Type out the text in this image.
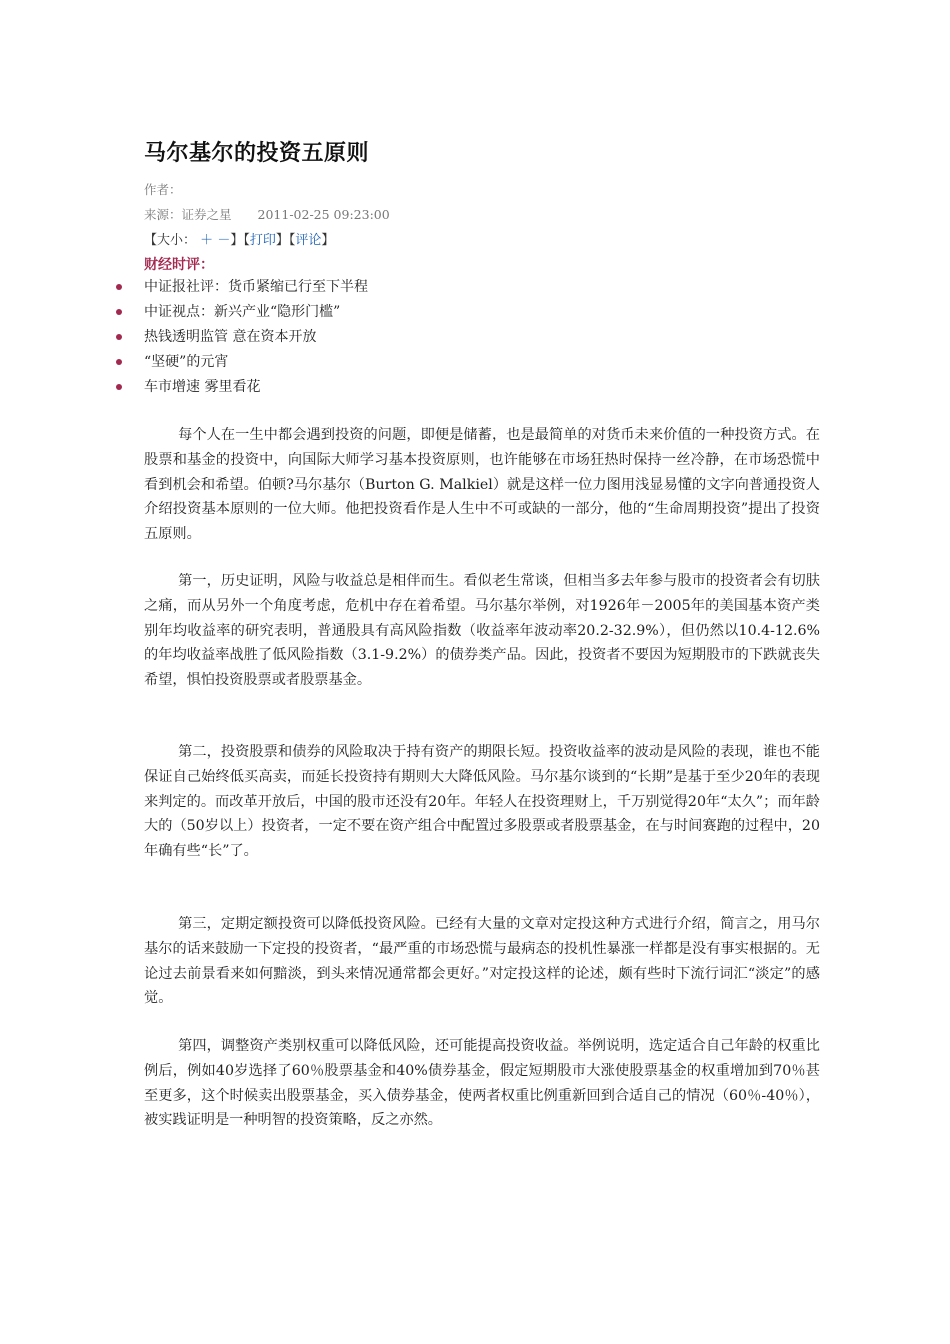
马尔基尔的投资五原则
作者：
来源：证券之星 2011-02-25 09:23:00
【大小： ＋ －】【打印】【评论】
财经时评：
中证报社评：货币紧缩已行至下半程
中证视点：新兴产业“隐形门槛”
热钱透明监管 意在资本开放
“坚硬”的元宵
车市增速 雾里看花

每个人在一生中都会遇到投资的问题，即便是储蓄，也是最简单的对货币未来价值的一种投资方式。在股票和基金的投资中，向国际大师学习基本投资原则，也许能够在市场狂热时保持一丝冷静，在市场恐慌中看到机会和希望。伯顿?马尔基尔（Burton G. Malkiel）就是这样一位力图用浅显易懂的文字向普通投资人介绍投资基本原则的一位大师。他把投资看作是人生中不可或缺的一部分，他的“生命周期投资”提出了投资五原则。

第一，历史证明，风险与收益总是相伴而生。看似老生常谈，但相当多去年参与股市的投资者会有切肤之痛，而从另外一个角度考虑，危机中存在着希望。马尔基尔举例，对1926年－2005年的美国基本资产类别年均收益率的研究表明，普通股具有高风险指数（收益率年波动率20.2-32.9%），但仍然以10.4-12.6%的年均收益率战胜了低风险指数（3.1-9.2%）的债券类产品。因此，投资者不要因为短期股市的下跌就丧失希望，惧怕投资股票或者股票基金。

第二，投资股票和债券的风险取决于持有资产的期限长短。投资收益率的波动是风险的表现，谁也不能保证自己始终低买高卖，而延长投资持有期则大大降低风险。马尔基尔谈到的“长期”是基于至少20年的表现来判定的。而改革开放后，中国的股市还没有20年。年轻人在投资理财上，千万别觉得20年“太久”；而年龄大的（50岁以上）投资者，一定不要在资产组合中配置过多股票或者股票基金，在与时间赛跑的过程中，20年确有些“长”了。

第三，定期定额投资可以降低投资风险。已经有大量的文章对定投这种方式进行介绍，简言之，用马尔基尔的话来鼓励一下定投的投资者，“最严重的市场恐慌与最病态的投机性暴涨一样都是没有事实根据的。无论过去前景看来如何黯淡，到头来情况通常都会更好。”对定投这样的论述，颇有些时下流行词汇“淡定”的感觉。

第四，调整资产类别权重可以降低风险，还可能提高投资收益。举例说明，选定适合自己年龄的权重比例后，例如40岁选择了60％股票基金和40%债券基金，假定短期股市大涨使股票基金的权重增加到70％甚至更多，这个时候卖出股票基金，买入债券基金，使两者权重比例重新回到合适自己的情况（60％-40％），被实践证明是一种明智的投资策略，反之亦然。
